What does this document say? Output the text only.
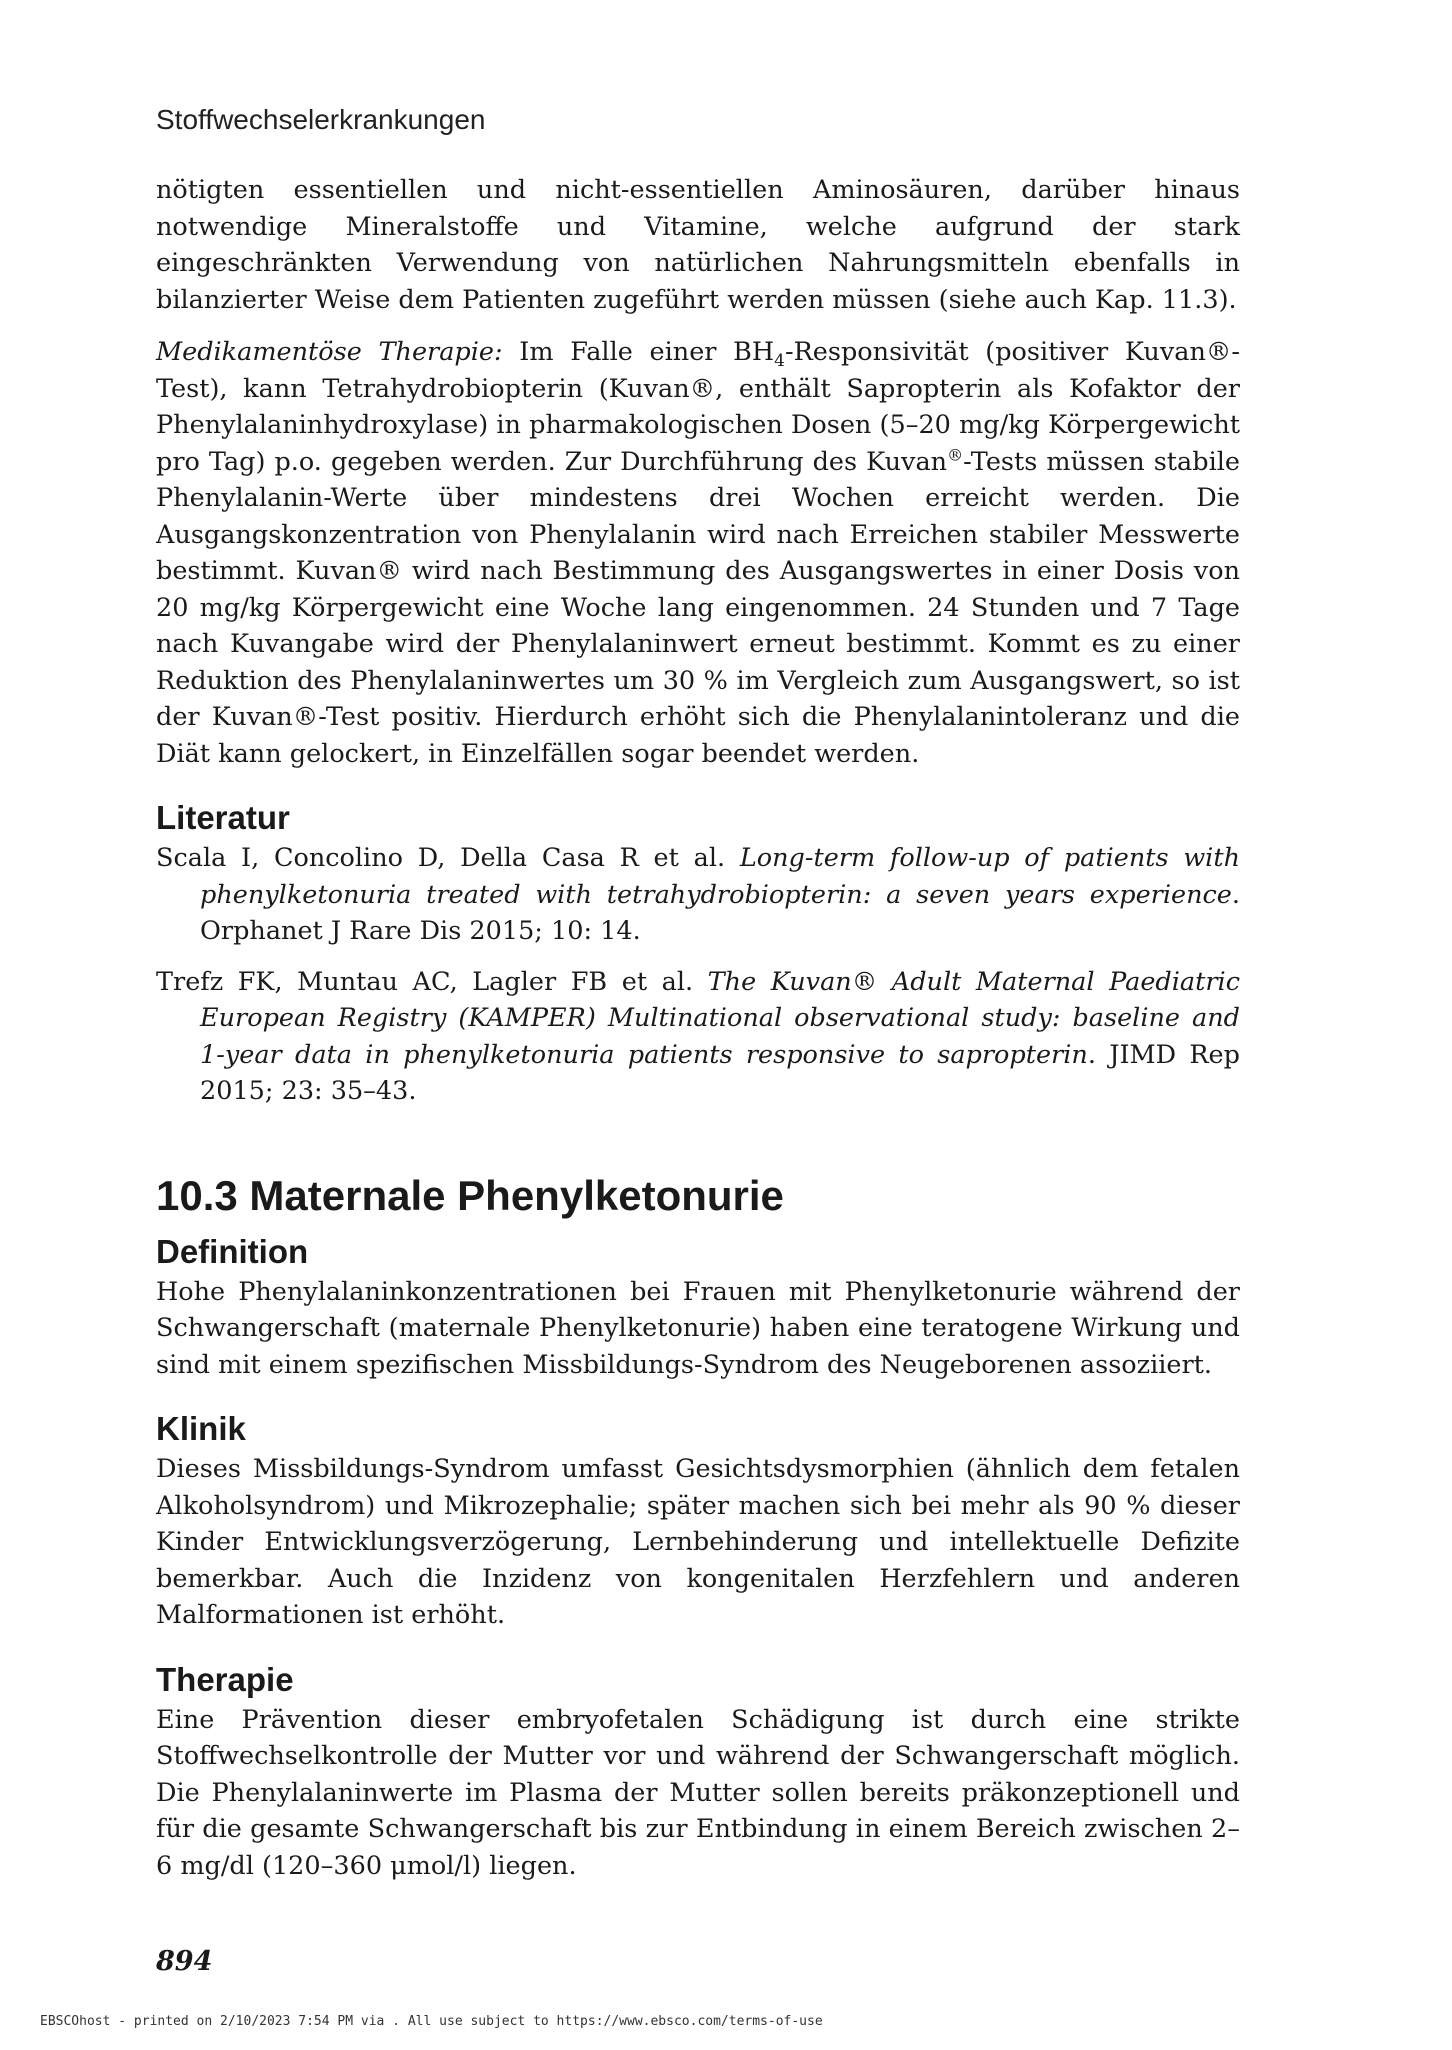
Stoffwechselerkrankungen

nötigten essentiellen und nicht-essentiellen Aminosäuren, darüber hinaus notwendige Mineralstoffe und Vitamine, welche aufgrund der stark eingeschränkten Verwendung von natürlichen Nahrungsmitteln ebenfalls in bilanzierter Weise dem Patienten zugeführt werden müssen (siehe auch Kap. 11.3).

Medikamentöse Therapie: Im Falle einer $BH_4$-Responsivität (positiver Kuvan®-Test), kann Tetrahydrobiopterin (Kuvan®, enthält Sapropterin als Kofaktor der Phenylalaninhydroxylase) in pharmakologischen Dosen (5–20 mg/kg Körpergewicht pro Tag) p.o. gegeben werden. Zur Durchführung des Kuvan®-Tests müssen stabile Phenylalanin-Werte über mindestens drei Wochen erreicht werden. Die Ausgangskonzentration von Phenylalanin wird nach Erreichen stabiler Messwerte bestimmt. Kuvan® wird nach Bestimmung des Ausgangswertes in einer Dosis von 20 mg/kg Körpergewicht eine Woche lang eingenommen. 24 Stunden und 7 Tage nach Kuvangabe wird der Phenylalaninwert erneut bestimmt. Kommt es zu einer Reduktion des Phenylalaninwertes um 30 % im Vergleich zum Ausgangswert, so ist der Kuvan®-Test positiv. Hierdurch erhöht sich die Phenylalanintoleranz und die Diät kann gelockert, in Einzelfällen sogar beendet werden.

Literatur

Scala I, Concolino D, Della Casa R et al. Long-term follow-up of patients with phenylketonuria treated with tetrahydrobiopterin: a seven years experience. Orphanet J Rare Dis 2015; 10: 14.

Trefz FK, Muntau AC, Lagler FB et al. The Kuvan® Adult Maternal Paediatric European Registry (KAMPER) Multinational observational study: baseline and 1-year data in phenylketonuria patients responsive to sapropterin. JIMD Rep 2015; 23: 35–43.

10.3 Maternale Phenylketonurie
Definition

Hohe Phenylalaninkonzentrationen bei Frauen mit Phenylketonurie während der Schwangerschaft (maternale Phenylketonurie) haben eine teratogene Wirkung und sind mit einem spezifischen Missbildungs-Syndrom des Neugeborenen assoziiert.

Klinik

Dieses Missbildungs-Syndrom umfasst Gesichtsdysmorphien (ähnlich dem fetalen Alkoholsyndrom) und Mikrozephalie; später machen sich bei mehr als 90 % dieser Kinder Entwicklungsverzögerung, Lernbehinderung und intellektuelle Defizite bemerkbar. Auch die Inzidenz von kongenitalen Herzfehlern und anderen Malformationen ist erhöht.

Therapie

Eine Prävention dieser embryofetalen Schädigung ist durch eine strikte Stoffwechselkontrolle der Mutter vor und während der Schwangerschaft möglich. Die Phenylalaninwerte im Plasma der Mutter sollen bereits präkonzeptionell und für die gesamte Schwangerschaft bis zur Entbindung in einem Bereich zwischen 2–6 mg/dl (120–360 μmol/l) liegen.

894
EBSCOhost - printed on 2/10/2023 7:54 PM via . All use subject to https://www.ebsco.com/terms-of-use
